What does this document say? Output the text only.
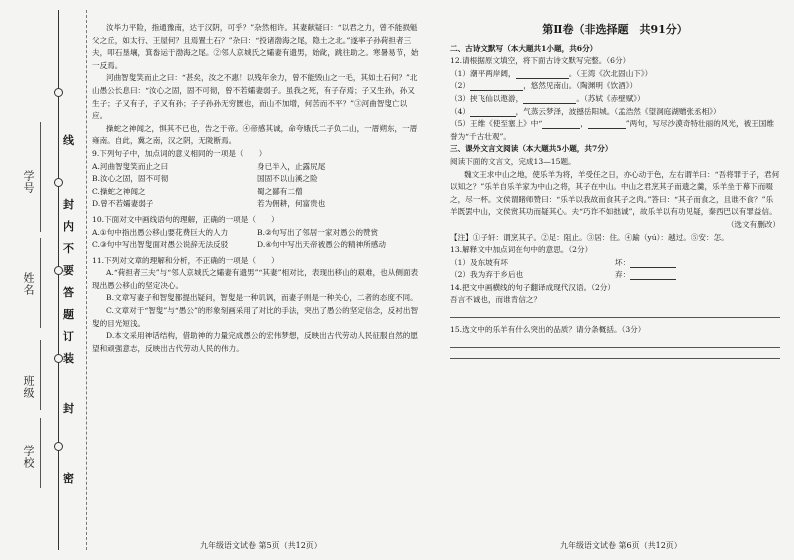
学号
姓名
班级
学校
线
封
内
不
要
答
题
订
装
封
密

汝毕力平险，指通豫南，达于汉阴，可乎？”杂然相许。其妻献疑曰：“以君之力，曾不能损魁父之丘，如太行、王屋何？且焉置土石？”杂曰：“投诸渤海之尾，隐土之北。”遂率子孙荷担者三夫，叩石垦壤，箕畚运于渤海之尾。②邻人京城氏之孀妻有遗男，始龀，跳往助之。寒暑易节，始一反焉。

河曲智叟笑而止之曰：“甚矣，汝之不惠！以残年余力，曾不能毁山之一毛，其如土石何？”北山愚公长息曰：“汝心之固，固不可彻，曾不若孀妻弱子。虽我之死，有子存焉；子又生孙，孙又生子；子又有子，子又有孙；子子孙孙无穷匮也，而山不加增，何苦而不平？”③河曲智叟亡以应。

操蛇之神闻之，惧其不已也，告之于帝。④帝感其诚，命夸娥氏二子负二山，一厝朔东，一厝雍南。自此，冀之南，汉之阴，无陇断焉。

9.下列句子中，加点词的意义相同的一项是（　　）

A.河曲智叟笑而止之曰	身已半入，止露尻尾
B.汝心之固，固不可彻	国固不以山溪之险
C.操蛇之神闻之	蜀之鄙有二僧
D.曾不若孀妻弱子	若为佣耕，何富贵也

10.下面对文中画线语句的理解，正确的一项是（　　）

A.①句中指出愚公移山要花费巨大的人力	B.②句写出了邻居一家对愚公的赞赏
C.③句中写出智叟面对愚公说辞无法反驳	D.④句中写出天帝被愚公的精神所感动

11.下列对文章的理解和分析，不正确的一项是（　　）

A.“荷担者三夫”与“邻人京城氏之孀妻有遗男”“其妻”相对比，表现出移山的艰难，也从侧面表现出愚公移山的坚定决心。

B.文章写妻子和智叟都提出疑问，智叟是一种讥讽，而妻子则是一种关心，二者的态度不同。

C.文章对于“智叟”与“愚公”的形象刻画采用了对比的手法，突出了愚公的坚定信念，反衬出智叟的目光短浅。

D.本文采用神话结构，借助神的力量完成愚公的宏伟梦想，反映出古代劳动人民征服自然的愿望和顽强意志，反映出古代劳动人民的伟力。

九年级语文试卷 第5页（共12页）
第Ⅱ卷（非选择题　共91分）

二、古诗文默写（本大题共1小题，共6分）

12.请根据原文填空，将下面古诗文默写完整。（6分）

（1）潮平两岸阔，       	。（王湾《次北固山下》）

（2）       	，悠然见南山。（陶渊明《饮酒》）

（3）挟飞仙以遨游，       	。（苏轼《赤壁赋》）

（4）      	，气蒸云梦泽，波撼岳阳城。（孟浩然《望洞庭湖赠张丞相》）

（5）王维《使至塞上》中“     	，     	”两句，写尽沙漠奇特壮丽的风光，被王国维誉为“千古壮观”。

三、课外文言文阅读（本大题共5小题，共7分）

阅读下面的文言文，完成13—15题。

魏文王求中山之地，使乐羊为将，羊受任之日，亦心动于色，左右谓羊曰：“吾将罪于子，君何以知之？”乐羊自乐羊家为中山之将，其子在中山。中山之君烹其子而遗之羹，乐羊坐于幕下而啜之，尽一杯。文侯谓睹师赞曰：“乐羊以我故而食其子之肉。”答曰：“其子而食之，且谁不食？”乐羊既罢中山，文侯赏其功而疑其心。夫“巧诈不如拙诚”，故乐羊以有功见疑，秦西巴以有罪益信。

（选文有删改）

【注】①子轩：谓烹其子。②足：阻止。③居：住。④踰（yú）：越过。⑤安：怎。

13.解释文中加点词在句中的意思。（2分）

（1）及东坡有坏	坏：      
（2）我为弃于乡后也	弃：      

14.把文中画横线的句子翻译成现代汉语。（2分）

吾言不诚也，而谁肯信之？

15.选文中的乐羊有什么突出的品质？请分条概括。（3分）

九年级语文试卷 第6页（共12页）
